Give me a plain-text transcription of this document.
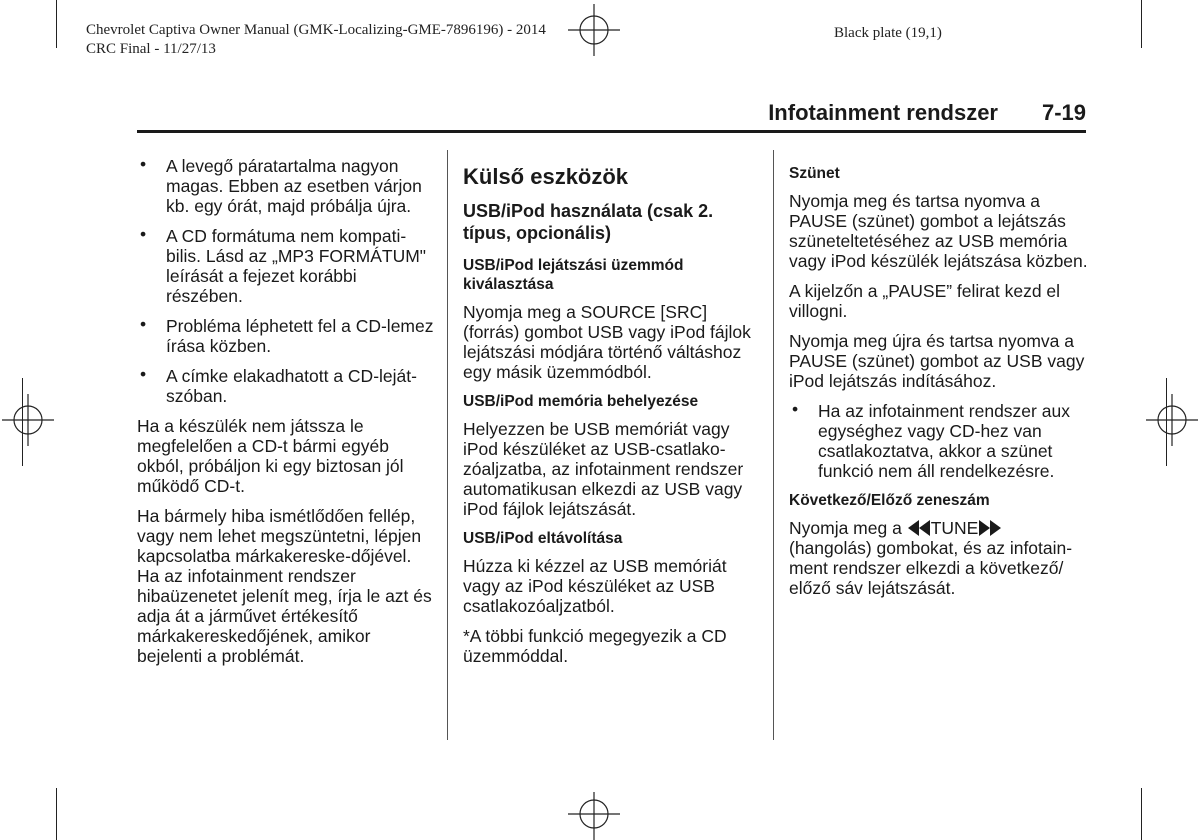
Chevrolet Captiva Owner Manual (GMK-Localizing-GME-7896196) - 2014
CRC Final - 11/27/13
Black plate (19,1)
Infotainment rendszer 7-19
• A levegő páratartalma nagyon magas. Ebben az esetben várjon kb. egy órát, majd próbálja újra.
• A CD formátuma nem kompati-bilis. Lásd az „MP3 FORMÁTUM" leírását a fejezet korábbi részében.
• Probléma léphetett fel a CD-lemez írása közben.
• A címke elakadhatott a CD-leját-szóban.

Ha a készülék nem játssza le megfelelően a CD-t bármi egyéb okból, próbáljon ki egy biztosan jól működő CD-t.

Ha bármely hiba ismétlődően fellép, vagy nem lehet megszüntetni, lépjen kapcsolatba márkakereske-dőjével. Ha az infotainment rendszer hibaüzenetet jelenít meg, írja le azt és adja át a járművet értékesítő márkakereskedőjének, amikor bejelenti a problémát.

Külső eszközök
USB/iPod használata (csak 2. típus, opcionális)
USB/iPod lejátszási üzemmód kiválasztása

Nyomja meg a SOURCE [SRC] (forrás) gombot USB vagy iPod fájlok lejátszási módjára történő váltáshoz egy másik üzemmódból.

USB/iPod memória behelyezése

Helyezzen be USB memóriát vagy iPod készüléket az USB-csatlako-zóaljzatba, az infotainment rendszer automatikusan elkezdi az USB vagy iPod fájlok lejátszását.

USB/iPod eltávolítása

Húzza ki kézzel az USB memóriát vagy az iPod készüléket az USB csatlakozóaljzatból.

*A többi funkció megegyezik a CD üzemmóddal.

Szünet

Nyomja meg és tartsa nyomva a PAUSE (szünet) gombot a lejátszás szüneteltetéséhez az USB memória vagy iPod készülék lejátszása közben.

A kijelzőn a „PAUSE” felirat kezd el villogni.

Nyomja meg újra és tartsa nyomva a PAUSE (szünet) gombot az USB vagy iPod lejátszás indításához.

• Ha az infotainment rendszer aux egységhez vagy CD-hez van csatlakoztatva, akkor a szünet funkció nem áll rendelkezésre.
Következő/Előző zeneszám

Nyomja meg a TUNE (hangolás) gombokat, és az infotain-ment rendszer elkezdi a következő/ előző sáv lejátszását.
